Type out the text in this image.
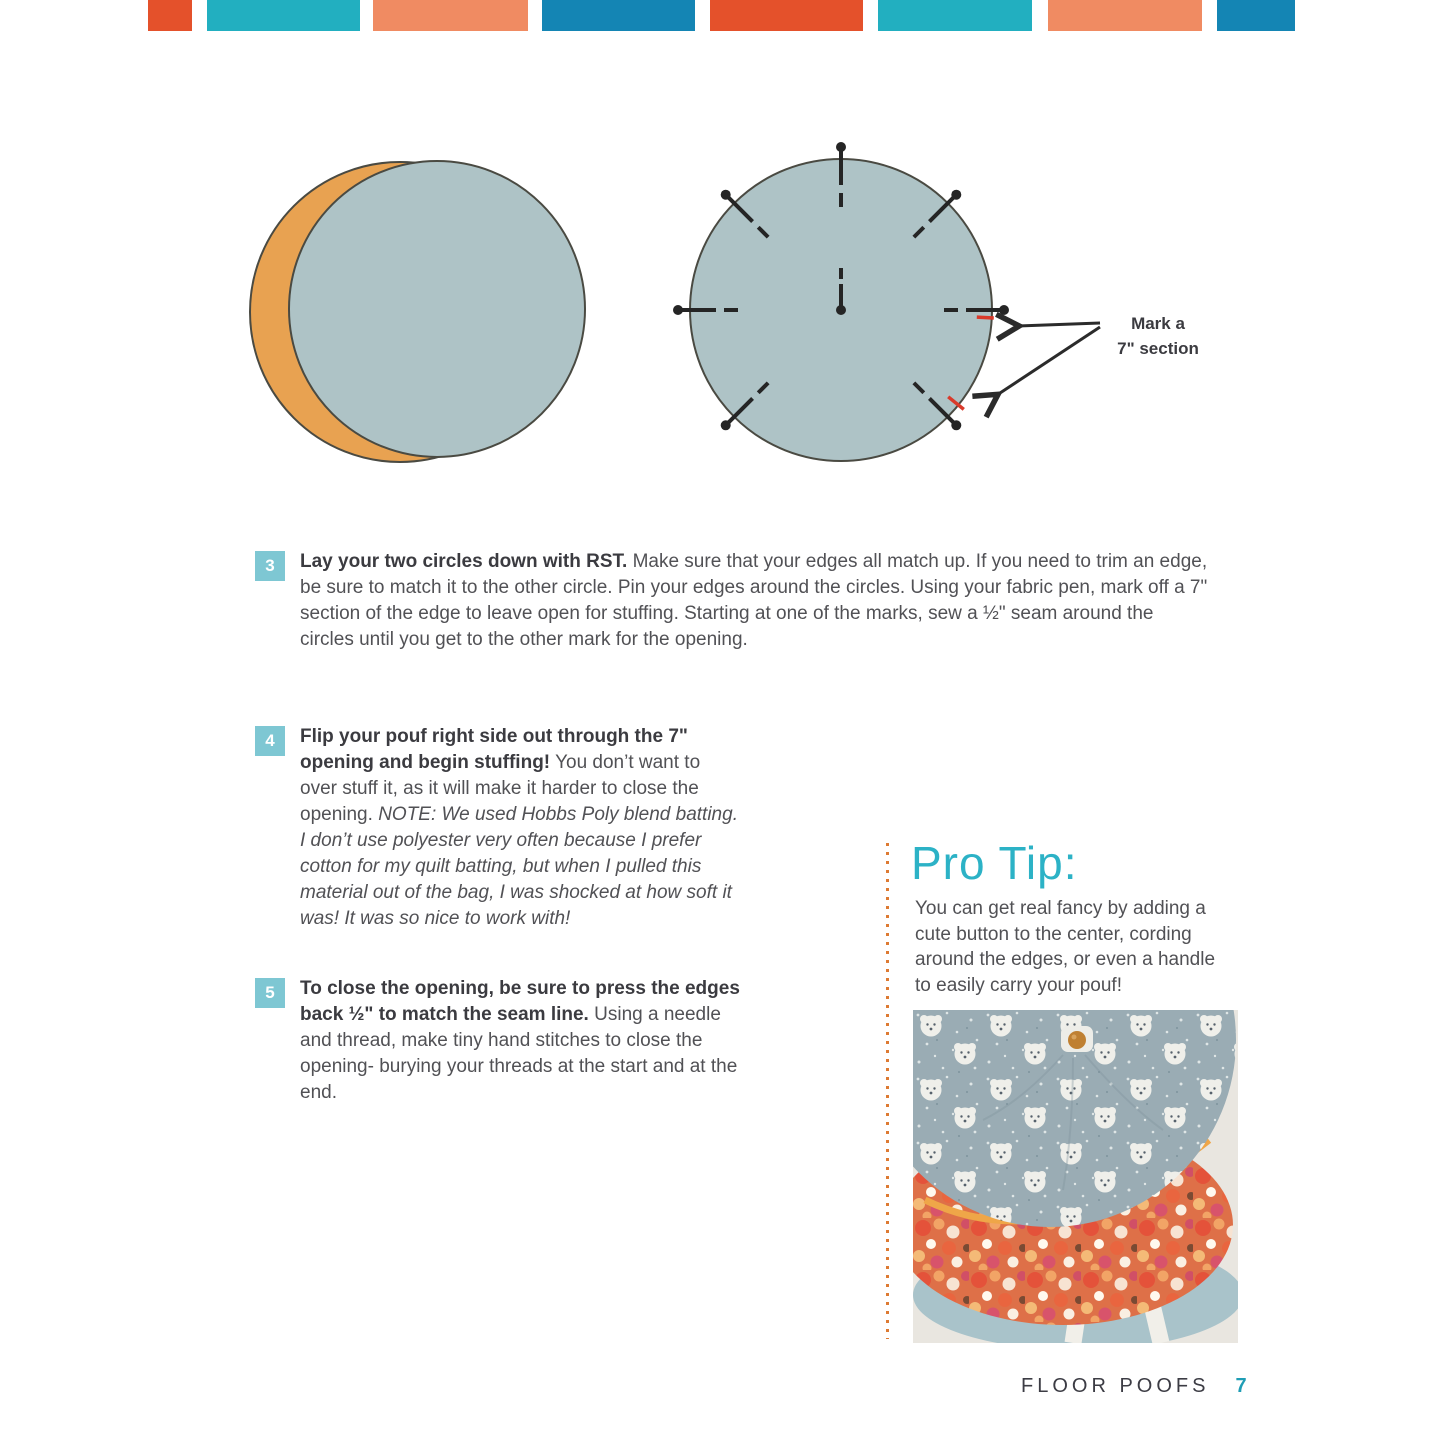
Mark a
7" section
3	Lay your two circles down with RST. Make sure that your edges all match up. If you need to trim an edge, be sure to match it to the other circle. Pin your edges around the circles. Using your fabric pen, mark off a 7" section of the edge to leave open for stuffing. Starting at one of the marks, sew a ½" seam around the circles until you get to the other mark for the opening.
4	Flip your pouf right side out through the 7" opening and begin stuffing! You don’t want to over stuff it, as it will make it harder to close the opening. NOTE: We used Hobbs Poly blend batting. I don’t use polyester very often because I prefer cotton for my quilt batting, but when I pulled this material out of the bag, I was shocked at how soft it was! It was so nice to work with!
5	To close the opening, be sure to press the edges back ½" to match the seam line. Using a needle and thread, make tiny hand stitches to close the opening- burying your threads at the start and at the end.
Pro Tip:
You can get real fancy by adding a cute button to the center, cording around the edges, or even a handle to easily carry your pouf!
FLOOR POOFS 7
